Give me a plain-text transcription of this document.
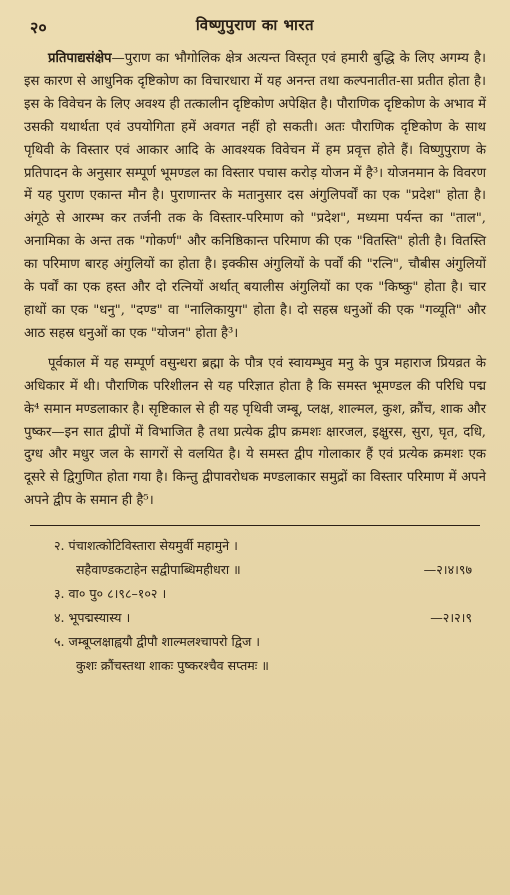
२०	विष्णुपुराण का भारत

प्रतिपाद्यसंक्षेप—पुराण का भौगोलिक क्षेत्र अत्यन्त विस्तृत एवं हमारी बुद्धि के लिए अगम्य है। इस कारण से आधुनिक दृष्टिकोण का विचारधारा में यह अनन्त तथा कल्पनातीत-सा प्रतीत होता है। इस के विवेचन के लिए अवश्य ही तत्कालीन दृष्टिकोण अपेक्षित है। पौराणिक दृष्टिकोण के अभाव में उसकी यथार्थता एवं उपयोगिता हमें अवगत नहीं हो सकती। अतः पौराणिक दृष्टिकोण के साथ पृथिवी के विस्तार एवं आकार आदि के आवश्यक विवेचन में हम प्रवृत्त होते हैं। विष्णुपुराण के प्रतिपादन के अनुसार सम्पूर्ण भूमण्डल का विस्तार पचास करोड़ योजन में है³। योजनमान के विवरण में यह पुराण एकान्त मौन है। पुराणान्तर के मतानुसार दस अंगुलिपर्वों का एक "प्रदेश" होता है। अंगूठे से आरम्भ कर तर्जनी तक के विस्तार-परिमाण को "प्रदेश", मध्यमा पर्यन्त का "ताल", अनामिका के अन्त तक "गोकर्ण" और कनिष्ठिकान्त परिमाण की एक "वितस्ति" होती है। वितस्ति का परिमाण बारह अंगुलियों का होता है। इक्कीस अंगुलियों के पर्वों की "रत्नि", चौबीस अंगुलियों के पर्वों का एक हस्त और दो रत्नियों अर्थात् बयालीस अंगुलियों का एक "किष्कु" होता है। चार हाथों का एक "धनु", "दण्ड" वा "नालिकायुग" होता है। दो सहस्र धनुओं की एक "गव्यूति" और आठ सहस्र धनुओं का एक "योजन" होता है³।

पूर्वकाल में यह सम्पूर्ण वसुन्धरा ब्रह्मा के पौत्र एवं स्वायम्भुव मनु के पुत्र महाराज प्रियव्रत के अधिकार में थी। पौराणिक परिशीलन से यह परिज्ञात होता है कि समस्त भूमण्डल की परिधि पद्म के⁴ समान मण्डलाकार है। सृष्टिकाल से ही यह पृथिवी जम्बू, प्लक्ष, शाल्मल, कुश, क्रौंच, शाक और पुष्कर—इन सात द्वीपों में विभाजित है तथा प्रत्येक द्वीप क्रमशः क्षारजल, इक्षुरस, सुरा, घृत, दधि, दुग्ध और मधुर जल के सागरों से वलयित है। ये समस्त द्वीप गोलाकार हैं एवं प्रत्येक क्रमशः एक दूसरे से द्विगुणित होता गया है। किन्तु द्वीपावरोधक मण्डलाकार समुद्रों का विस्तार परिमाण में अपने अपने द्वीप के समान ही है⁵।

२. पंचाशत्कोटिविस्तारा सेयमुर्वी महामुने ।
सहैवाण्डकटाहेन सद्वीपाब्धिमहीधरा ॥	—२।४।९७
३. वा० पु० ८।९८–१०२ ।
४. भूपद्मस्यास्य ।	—२।२।९
५. जम्बूप्लक्षाह्वयौ द्वीपौ शाल्मलश्चापरो द्विज ।
कुशः क्रौंचस्तथा शाकः पुष्करश्चैव सप्तमः ॥
